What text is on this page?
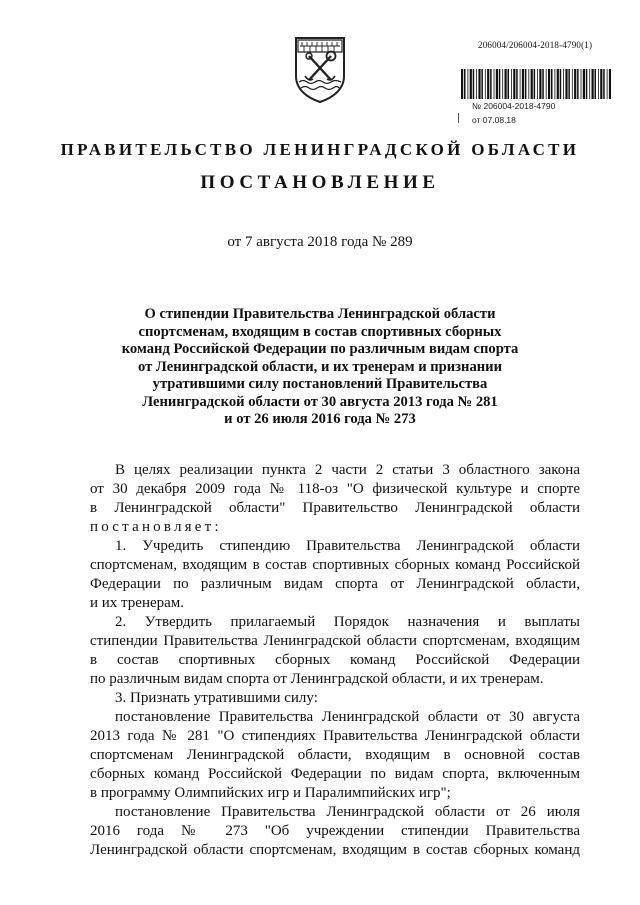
206004/206004-2018-4790(1)
№ 206004-2018-4790
от 07.08.18
ПРАВИТЕЛЬСТВО ЛЕНИНГРАДСКОЙ ОБЛАСТИ
ПОСТАНОВЛЕНИЕ
от 7 августа 2018 года № 289
О стипендии Правительства Ленинградской области
спортсменам, входящим в состав спортивных сборных
команд Российской Федерации по различным видам спорта
от Ленинградской области, и их тренерам и признании
утратившими силу постановлений Правительства
Ленинградской области от 30 августа 2013 года № 281
и от 26 июля 2016 года № 273
В целях реализации пункта 2 части 2 статьи 3 областного закона
от 30 декабря 2009 года № 118-оз "О физической культуре и спорте
в Ленинградской области" Правительство Ленинградской области
постановляет:
1. Учредить стипендию Правительства Ленинградской области
спортсменам, входящим в состав спортивных сборных команд Российской
Федерации по различным видам спорта от Ленинградской области,
и их тренерам.
2. Утвердить прилагаемый Порядок назначения и выплаты
стипендии Правительства Ленинградской области спортсменам, входящим
в состав спортивных сборных команд Российской Федерации
по различным видам спорта от Ленинградской области, и их тренерам.
3. Признать утратившими силу:
постановление Правительства Ленинградской области от 30 августа
2013 года № 281 "О стипендиях Правительства Ленинградской области
спортсменам Ленинградской области, входящим в основной состав
сборных команд Российской Федерации по видам спорта, включенным
в программу Олимпийских игр и Паралимпийских игр";
постановление Правительства Ленинградской области от 26 июля
2016 года № 273 "Об учреждении стипендии Правительства
Ленинградской области спортсменам, входящим в состав сборных команд
